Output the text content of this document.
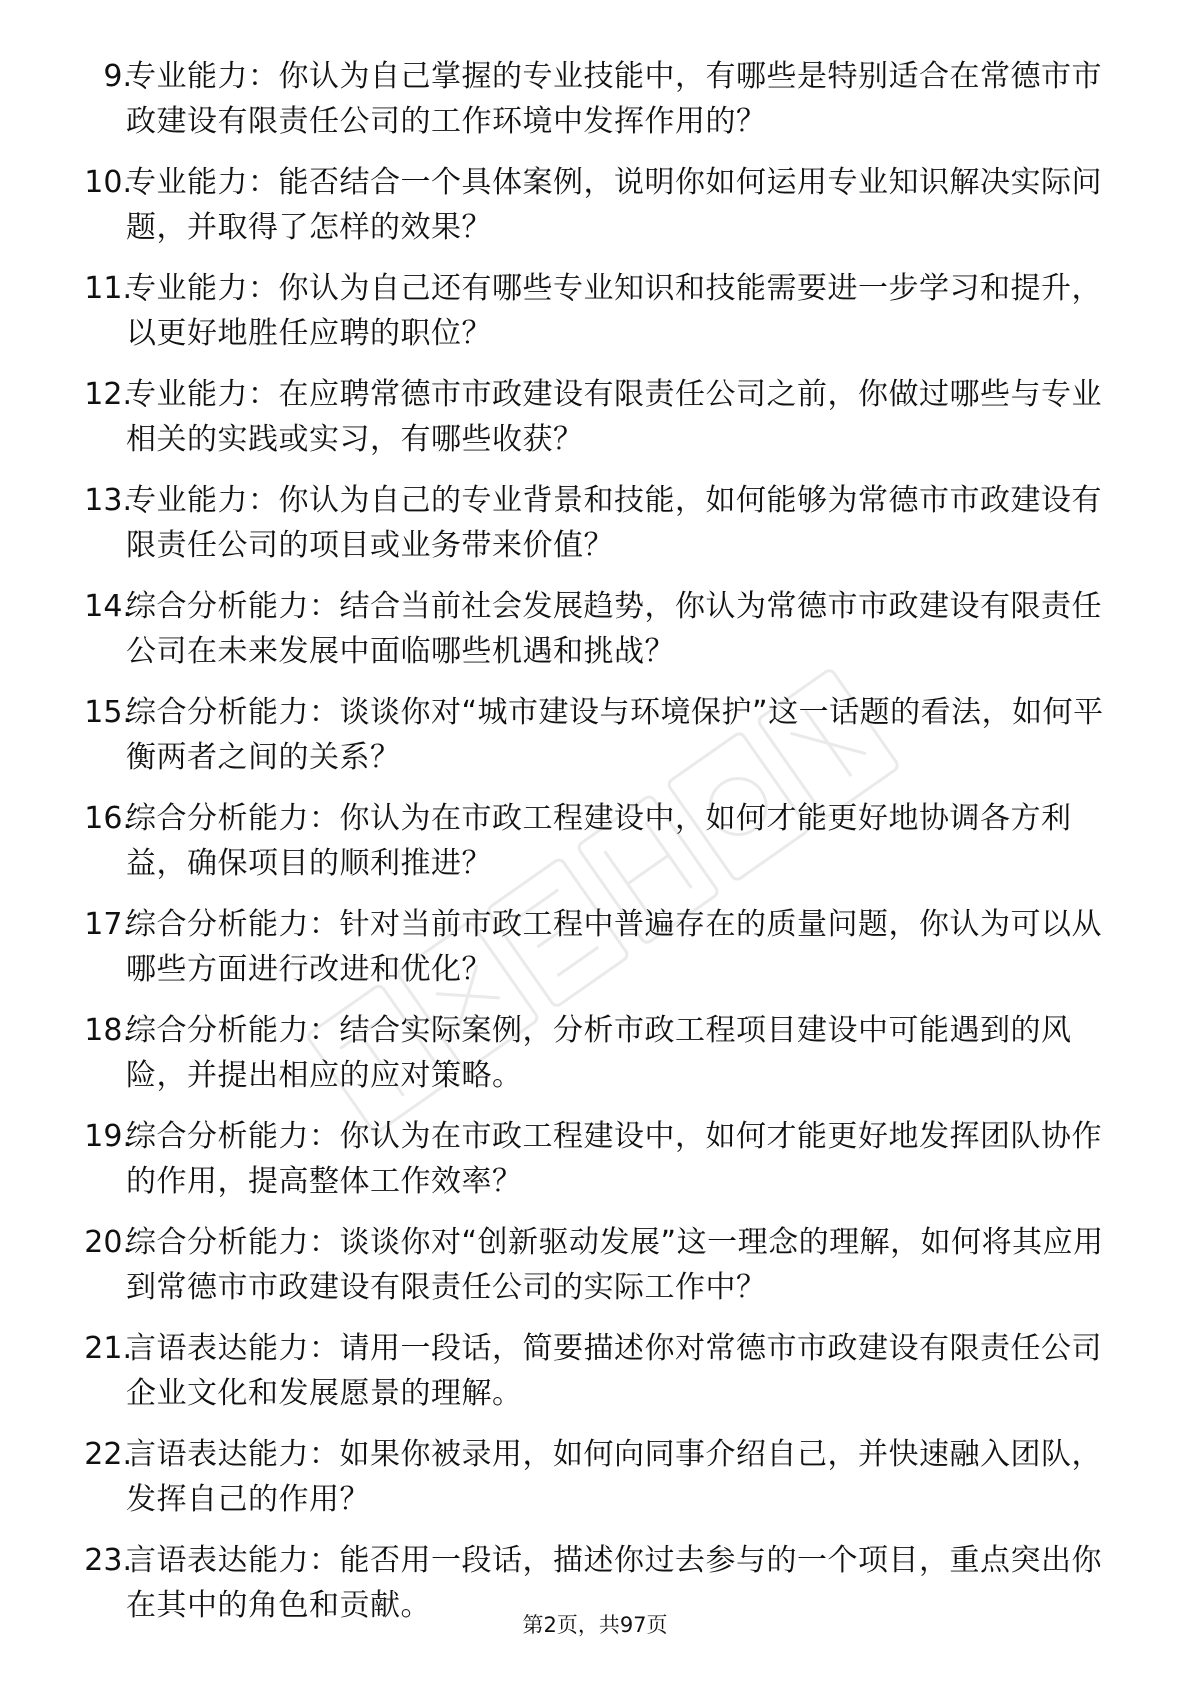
9.
专业能力：你认为自己掌握的专业技能中，有哪些是特别适合在常德市市政建设有限责任公司的工作环境中发挥作用的？
10.
专业能力：能否结合一个具体案例，说明你如何运用专业知识解决实际问题，并取得了怎样的效果？
11.
专业能力：你认为自己还有哪些专业知识和技能需要进一步学习和提升，以更好地胜任应聘的职位？
12.
专业能力：在应聘常德市市政建设有限责任公司之前，你做过哪些与专业相关的实践或实习，有哪些收获？
13.
专业能力：你认为自己的专业背景和技能，如何能够为常德市市政建设有限责任公司的项目或业务带来价值？
14.
综合分析能力：结合当前社会发展趋势，你认为常德市市政建设有限责任公司在未来发展中面临哪些机遇和挑战？
15.
综合分析能力：谈谈你对“城市建设与环境保护”这一话题的看法，如何平衡两者之间的关系？
16.
综合分析能力：你认为在市政工程建设中，如何才能更好地协调各方利益，确保项目的顺利推进？
17.
综合分析能力：针对当前市政工程中普遍存在的质量问题，你认为可以从哪些方面进行改进和优化？
18.
综合分析能力：结合实际案例，分析市政工程项目建设中可能遇到的风险，并提出相应的应对策略。
19.
综合分析能力：你认为在市政工程建设中，如何才能更好地发挥团队协作的作用，提高整体工作效率？
20.
综合分析能力：谈谈你对“创新驱动发展”这一理念的理解，如何将其应用到常德市市政建设有限责任公司的实际工作中？
21.
言语表达能力：请用一段话，简要描述你对常德市市政建设有限责任公司企业文化和发展愿景的理解。
22.
言语表达能力：如果你被录用，如何向同事介绍自己，并快速融入团队，发挥自己的作用？
23.
言语表达能力：能否用一段话，描述你过去参与的一个项目，重点突出你在其中的角色和贡献。
第2页，共97页
